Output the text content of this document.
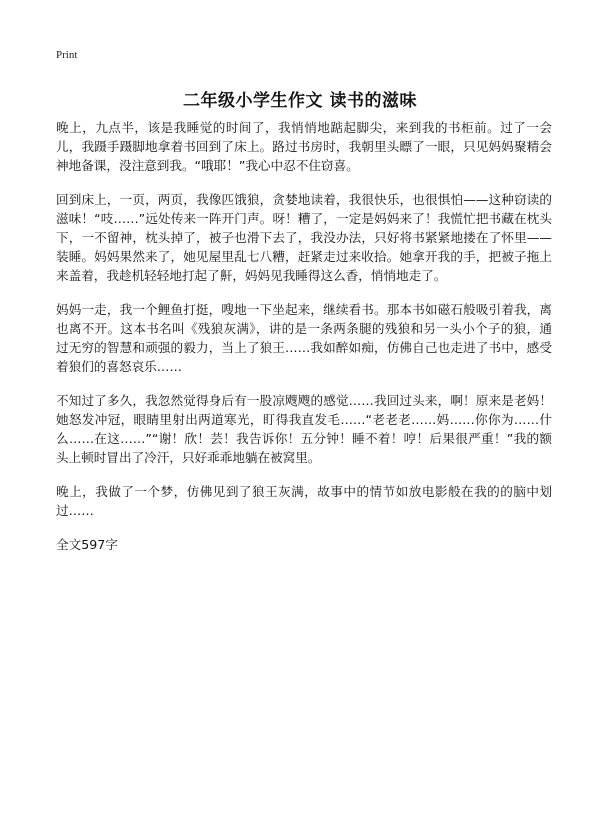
Print
二年级小学生作文 读书的滋味

晚上，九点半，该是我睡觉的时间了，我悄悄地踮起脚尖，来到我的书柜前。过了一会儿，我蹑手蹑脚地拿着书回到了床上。路过书房时，我朝里头瞟了一眼，只见妈妈聚精会神地备课，没注意到我。“哦耶！”我心中忍不住窃喜。

回到床上，一页，两页，我像匹饿狼，贪婪地读着，我很快乐，也很惧怕——这种窃读的滋味！“吱……”远处传来一阵开门声。呀！糟了，一定是妈妈来了！我慌忙把书藏在枕头下，一不留神，枕头掉了，被子也滑下去了，我没办法，只好将书紧紧地搂在了怀里——装睡。妈妈果然来了，她见屋里乱七八糟，赶紧走过来收拾。她拿开我的手，把被子拖上来盖着，我趁机轻轻地打起了鼾，妈妈见我睡得这么香，悄悄地走了。

妈妈一走，我一个鲤鱼打挺，嗖地一下坐起来，继续看书。那本书如磁石般吸引着我，离也离不开。这本书名叫《残狼灰满》，讲的是一条两条腿的残狼和另一头小个子的狼，通过无穷的智慧和顽强的毅力，当上了狼王……我如醉如痴，仿佛自己也走进了书中，感受着狼们的喜怒哀乐……

不知过了多久，我忽然觉得身后有一股凉飕飕的感觉……我回过头来，啊！原来是老妈！她怒发冲冠，眼睛里射出两道寒光，盯得我直发毛……“老老老……妈……你你为……什么……在这……”“谢！欣！芸！我告诉你！五分钟！睡不着！哼！后果很严重！”我的额头上顿时冒出了冷汗，只好乖乖地躺在被窝里。

晚上，我做了一个梦，仿佛见到了狼王灰满，故事中的情节如放电影般在我的的脑中划过……

全文597字
